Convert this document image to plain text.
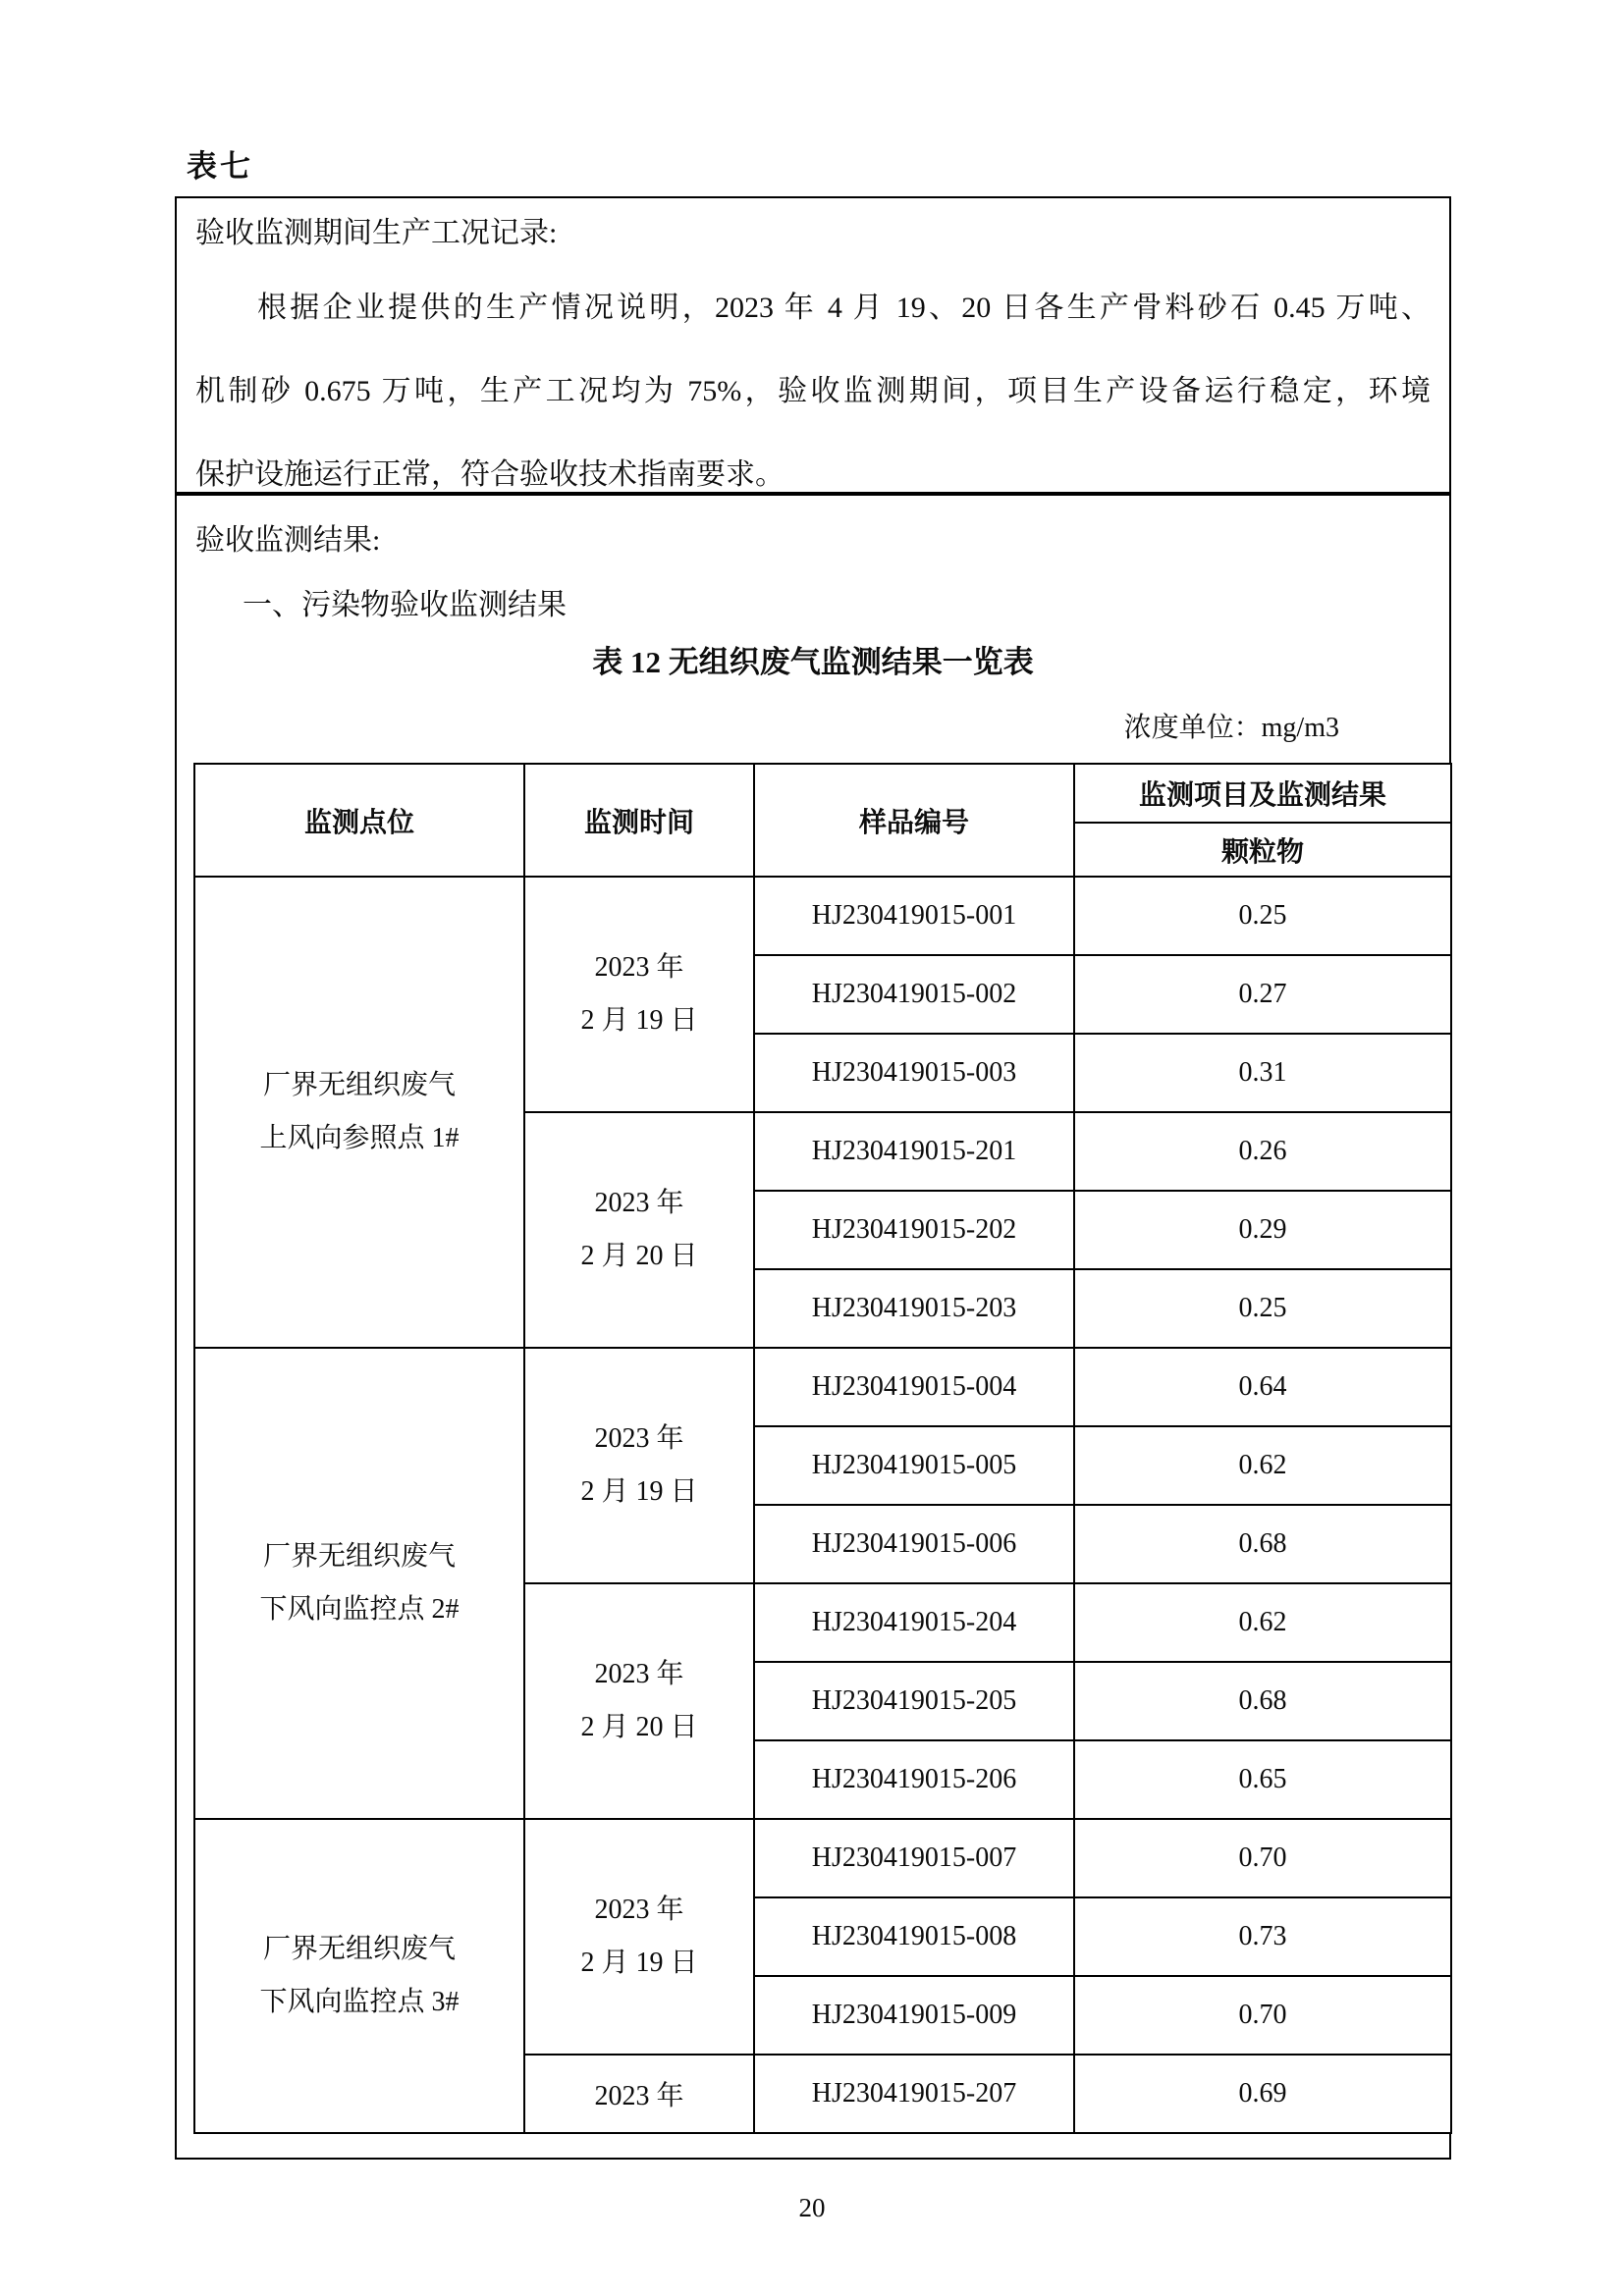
表七
验收监测期间生产工况记录:
根据企业提供的生产情况说明，2023 年 4 月 19、20 日各生产骨料砂石 0.45 万吨、
机制砂 0.675 万吨，生产工况均为 75%，验收监测期间，项目生产设备运行稳定，环境
保护设施运行正常，符合验收技术指南要求。
验收监测结果:
一、污染物验收监测结果
表 12 无组织废气监测结果一览表
浓度单位：mg/m3
监测点位	监测时间	样品编号	监测项目及监测结果
			颗粒物

厂界无组织废气
上风向参照点 1#	2023 年
2 月 19 日	HJ230419015-001	0.25
		HJ230419015-002	0.27
		HJ230419015-003	0.31

	2023 年
2 月 20 日	HJ230419015-201	0.26
		HJ230419015-202	0.29
		HJ230419015-203	0.25

厂界无组织废气
下风向监控点 2#	2023 年
2 月 19 日	HJ230419015-004	0.64
		HJ230419015-005	0.62
		HJ230419015-006	0.68

	2023 年
2 月 20 日	HJ230419015-204	0.62
		HJ230419015-205	0.68
		HJ230419015-206	0.65

厂界无组织废气
下风向监控点 3#	2023 年
2 月 19 日	HJ230419015-007	0.70
		HJ230419015-008	0.73
		HJ230419015-009	0.70
	2023 年	HJ230419015-207	0.69
20
